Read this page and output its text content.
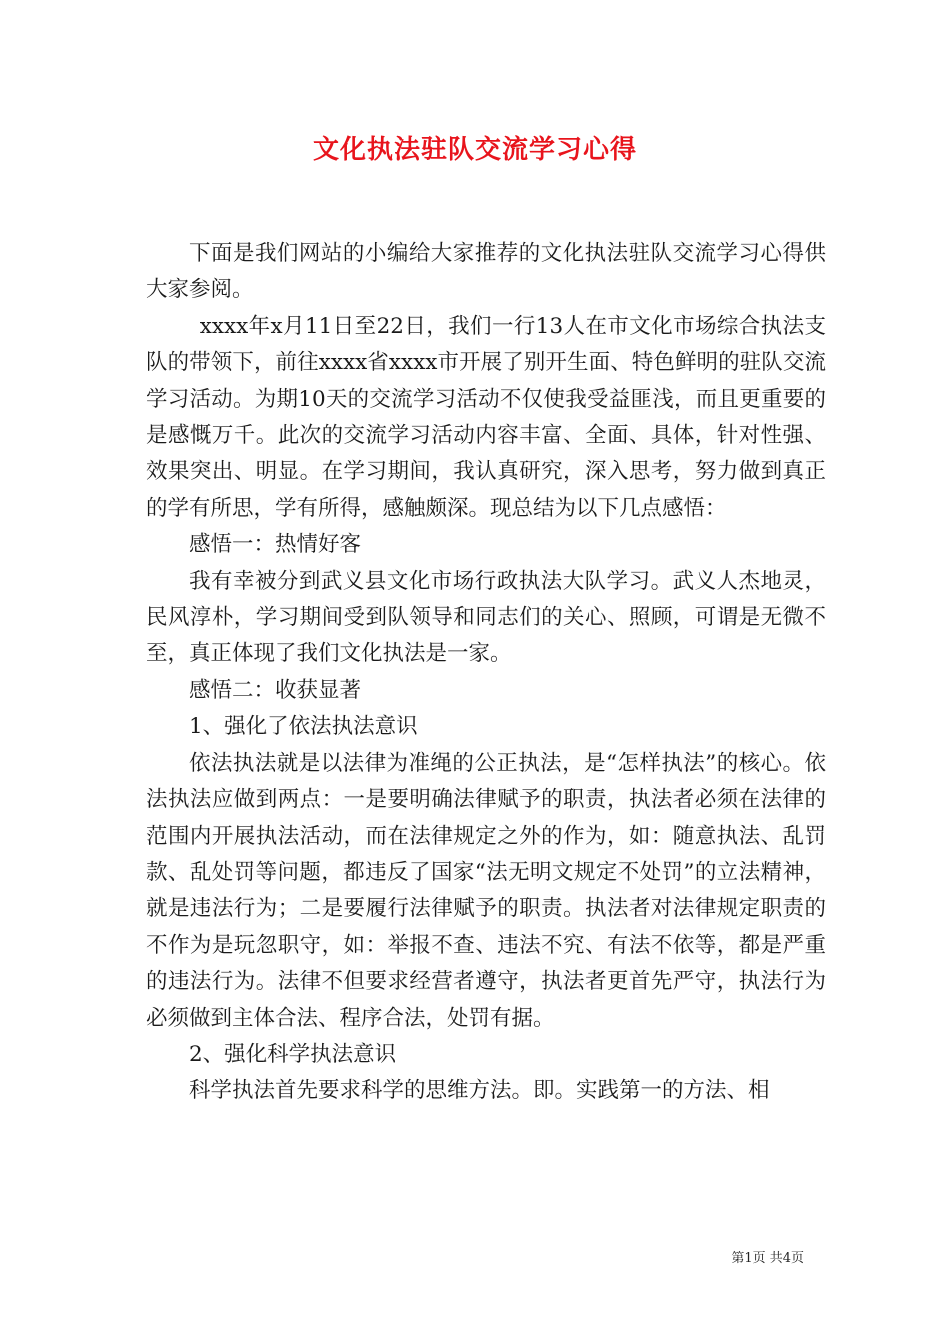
文化执法驻队交流学习心得

下面是我们网站的小编给大家推荐的文化执法驻队交流学习心得供大家参阅。

xxxx年x月11日至22日，我们一行13人在市文化市场综合执法支队的带领下，前往xxxx省xxxx市开展了别开生面、特色鲜明的驻队交流学习活动。为期10天的交流学习活动不仅使我受益匪浅，而且更重要的是感慨万千。此次的交流学习活动内容丰富、全面、具体，针对性强、效果突出、明显。在学习期间，我认真研究，深入思考，努力做到真正的学有所思，学有所得，感触颇深。现总结为以下几点感悟：

感悟一：热情好客

我有幸被分到武义县文化市场行政执法大队学习。武义人杰地灵，民风淳朴，学习期间受到队领导和同志们的关心、照顾，可谓是无微不至，真正体现了我们文化执法是一家。

感悟二：收获显著

1、强化了依法执法意识

依法执法就是以法律为准绳的公正执法，是“怎样执法”的核心。依法执法应做到两点：一是要明确法律赋予的职责，执法者必须在法律的范围内开展执法活动，而在法律规定之外的作为，如：随意执法、乱罚款、乱处罚等问题，都违反了国家“法无明文规定不处罚”的立法精神，就是违法行为；二是要履行法律赋予的职责。执法者对法律规定职责的不作为是玩忽职守，如：举报不查、违法不究、有法不依等，都是严重的违法行为。法律不但要求经营者遵守，执法者更首先严守，执法行为必须做到主体合法、程序合法，处罚有据。

2、强化科学执法意识

科学执法首先要求科学的思维方法。即。实践第一的方法、相

第1页 共4页
